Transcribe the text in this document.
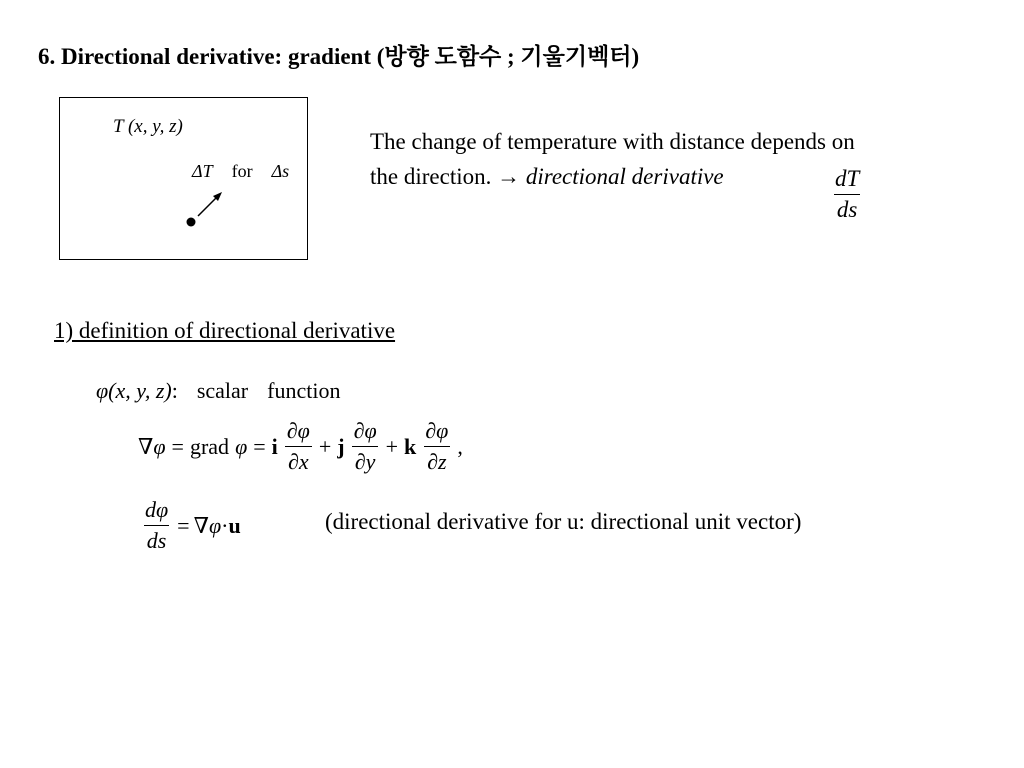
6. Directional derivative: gradient (방향 도함수 ; 기울기벡터)
T (x, y, z)
ΔT for Δs
The change of temperature with distance depends on
the direction. → directional derivative	$\frac{dT}{ds}$
1) definition of directional derivative
φ(x, y, z): scalar function
∇φ = grad φ = i $\frac{\partial\varphi}{\partial x} + j \frac{\partial\varphi}{\partial y} + k \frac{\partial\varphi}{\partial z}$ ,
$\frac{d\varphi}{ds} = \nabla\varphi \cdot u$	(directional derivative for u: directional unit vector)
